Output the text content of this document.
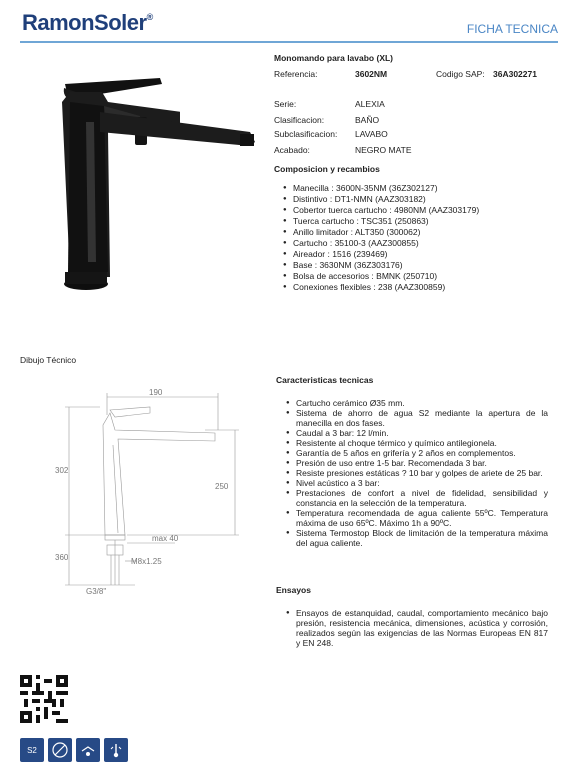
RamonSoler®
FICHA TECNICA
Monomando para lavabo (XL)
Referencia:	3602NM	Codigo SAP: 36A302271
Serie:	ALEXIA
Clasificacion:	BAÑO
Subclasificacion: LAVABO
Acabado:	NEGRO MATE
Composicion y recambios
● Manecilla : 3600N-35NM (36Z302127)
● Distintivo : DT1-NMN (AAZ303182)
● Cobertor tuerca cartucho : 4980NM (AAZ303179)
● Tuerca cartucho : TSC351 (250863)
● Anillo limitador : ALT350 (300062)
● Cartucho : 35100-3 (AAZ300855)
● Aireador : 1516 (239469)
● Base : 3630NM (36Z303176)
● Bolsa de accesorios : BMNK (250710)
● Conexiones flexibles : 238 (AAZ300859)
Dibujo Técnico
190
302
250
max 40
360	M8x1.25
G3/8"
Caracteristicas tecnicas
● Cartucho cerámico Ø35 mm.
● Sistema de ahorro de agua S2 mediante la apertura de la manecilla en dos fases.
● Caudal a 3 bar: 12 l/min.
● Resistente al choque térmico y químico antilegionela.
● Garantía de 5 años en grifería y 2 años en complementos.
● Presión de uso entre 1-5 bar. Recomendada 3 bar.
● Resiste presiones estáticas ? 10 bar y golpes de ariete de 25 bar.
● Nivel acústico a 3 bar:
● Prestaciones de confort a nivel de fidelidad, sensibilidad y constancia en la selección de la temperatura.
● Temperatura recomendada de agua caliente 55ºC. Temperatura máxima de uso 65ºC. Máximo 1h a 90ºC.
● Sistema Termostop Block de limitación de la temperatura máxima del agua caliente.
Ensayos
● Ensayos de estanquidad, caudal, comportamiento mecánico bajo presión, resistencia mecánica, dimensiones, acústica y corrosión, realizados según las exigencias de las Normas Europeas EN 817 y EN 248.
S2
